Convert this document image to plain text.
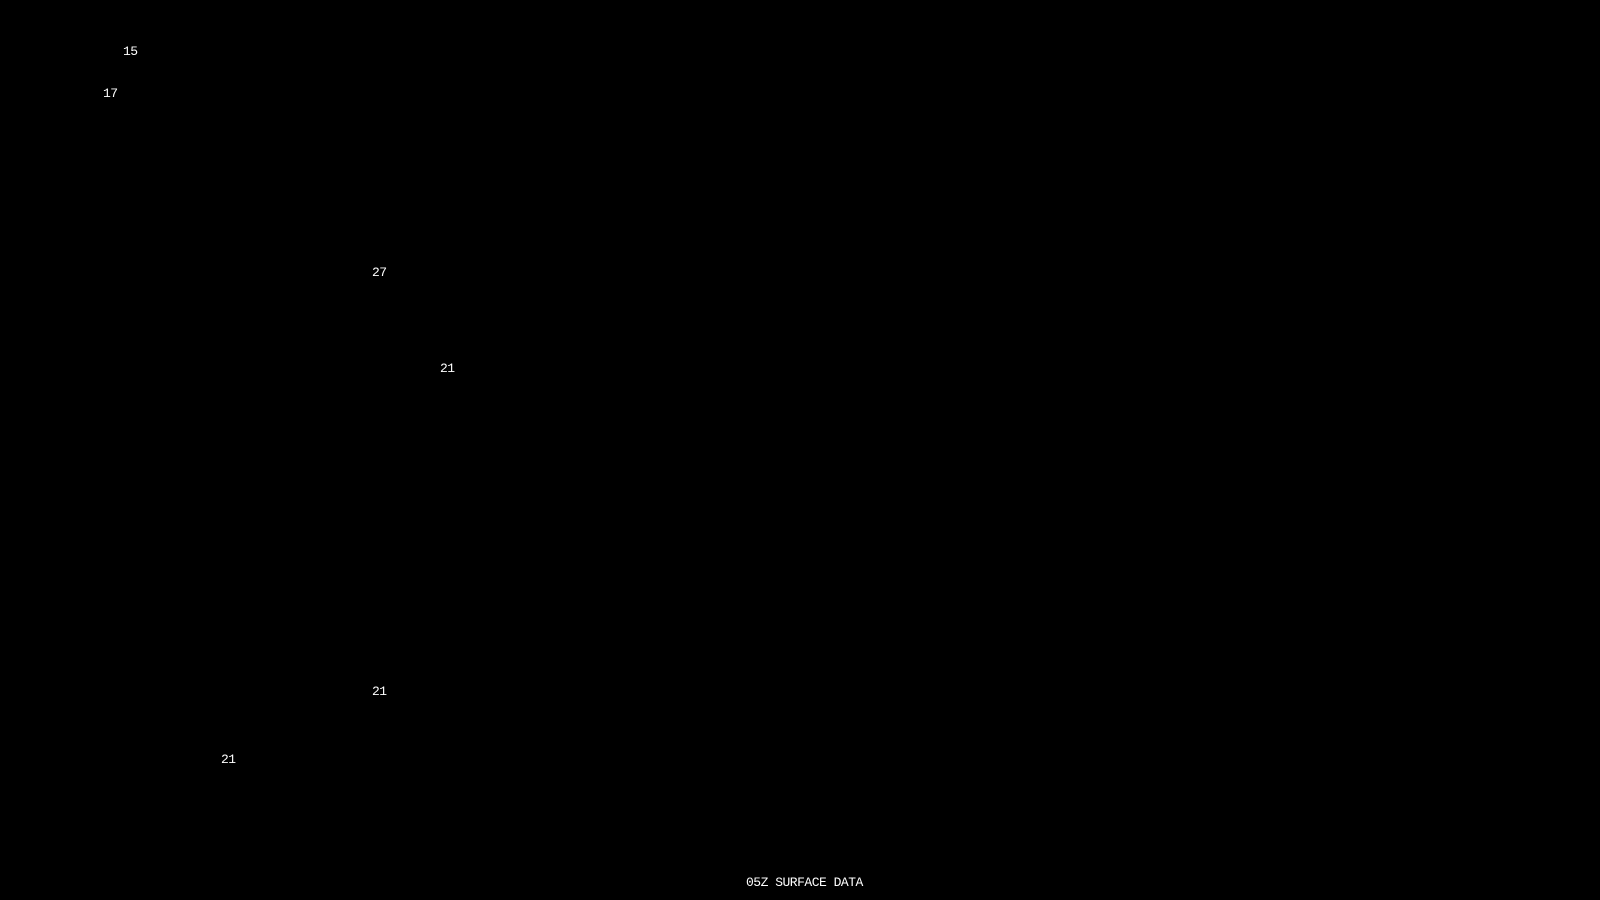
15
17
27
21
21
21
05Z SURFACE DATA
